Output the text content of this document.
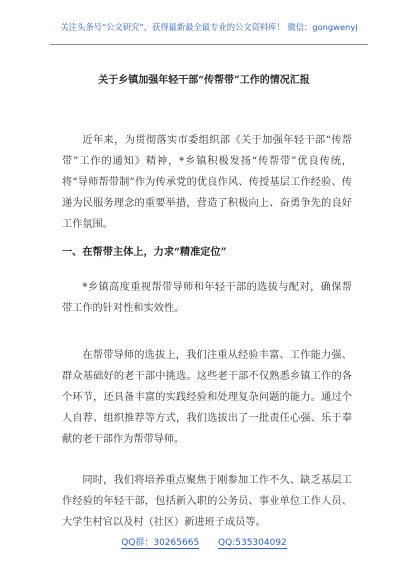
关注头条号“公文研究”，获得最新最全最专业的公文资料库！ 微信：gongwenyj
关于乡镇加强年轻干部“传帮带”工作的情况汇报
近年来，为贯彻落实市委组织部《关于加强年轻干部“传帮带”工作的通知》精神，*乡镇积极发扬“传帮带”优良传统，将“导师帮带制”作为传承党的优良作风、传授基层工作经验、传递为民服务理念的重要举措，营造了积极向上、奋勇争先的良好工作氛围。
一、在帮带主体上，力求“精准定位”
*乡镇高度重视帮带导师和年轻干部的选拔与配对，确保帮带工作的针对性和实效性。
在帮带导师的选拔上，我们注重从经验丰富、工作能力强、群众基础好的老干部中挑选。这些老干部不仅熟悉乡镇工作的各个环节，还具备丰富的实践经验和处理复杂问题的能力。通过个人自荐、组织推荐等方式，我们选拔出了一批责任心强、乐于奉献的老干部作为帮带导师。
同时，我们将培养重点聚焦于刚参加工作不久、缺乏基层工作经验的年轻干部，包括新入职的公务员、事业单位工作人员、大学生村官以及村（社区）新进班子成员等。
QQ群：30265665 QQ:535304092
